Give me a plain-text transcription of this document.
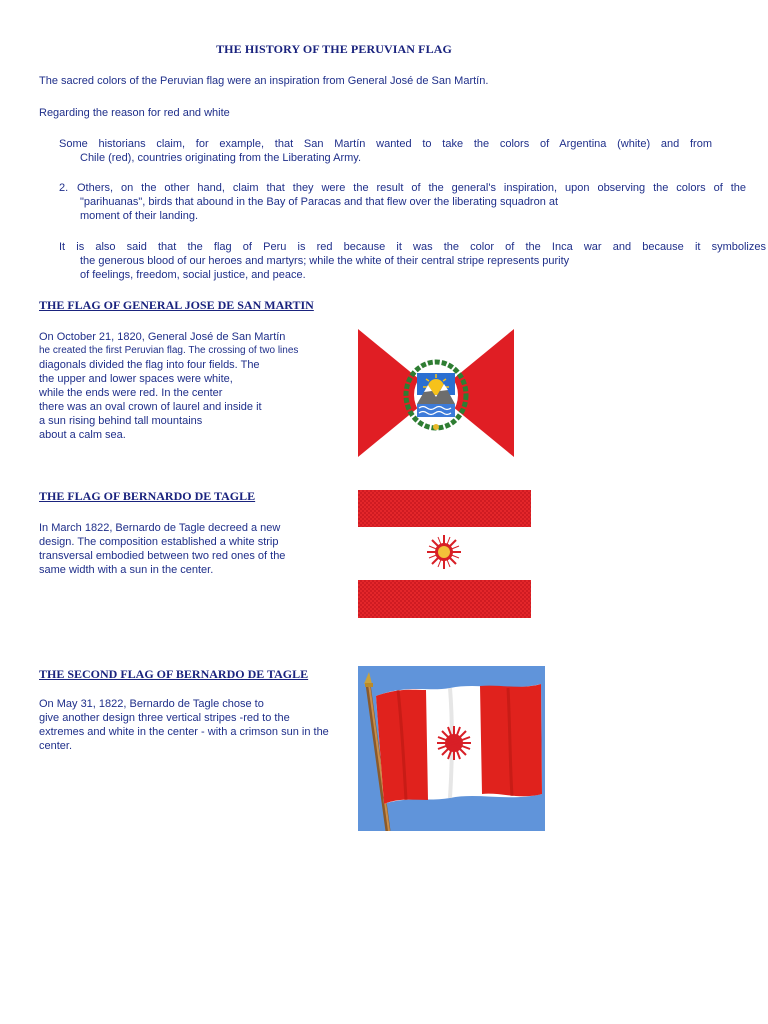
THE HISTORY OF THE PERUVIAN FLAG
The sacred colors of the Peruvian flag were an inspiration from General José de San Martín.
Regarding the reason for red and white
Some historians claim, for example, that San Martín wanted to take the colors of Argentina (white) and from
Chile (red), countries originating from the Liberating Army.
2. Others, on the other hand, claim that they were the result of the general's inspiration, upon observing the colors of the
"parihuanas", birds that abound in the Bay of Paracas and that flew over the liberating squadron at
moment of their landing.
It is also said that the flag of Peru is red because it was the color of the Inca war and because it symbolizes
the generous blood of our heroes and martyrs; while the white of their central stripe represents purity
of feelings, freedom, social justice, and peace.
THE FLAG OF GENERAL JOSE DE SAN MARTIN
On October 21, 1820, General José de San Martín
he created the first Peruvian flag. The crossing of two lines
diagonals divided the flag into four fields. The
the upper and lower spaces were white,
while the ends were red. In the center
there was an oval crown of laurel and inside it
a sun rising behind tall mountains
about a calm sea.
THE FLAG OF BERNARDO DE TAGLE
In March 1822, Bernardo de Tagle decreed a new
design. The composition established a white strip
transversal embodied between two red ones of the
same width with a sun in the center.
THE SECOND FLAG OF BERNARDO DE TAGLE
On May 31, 1822, Bernardo de Tagle chose to
give another design three vertical stripes -red to the
extremes and white in the center - with a crimson sun in the
center.
